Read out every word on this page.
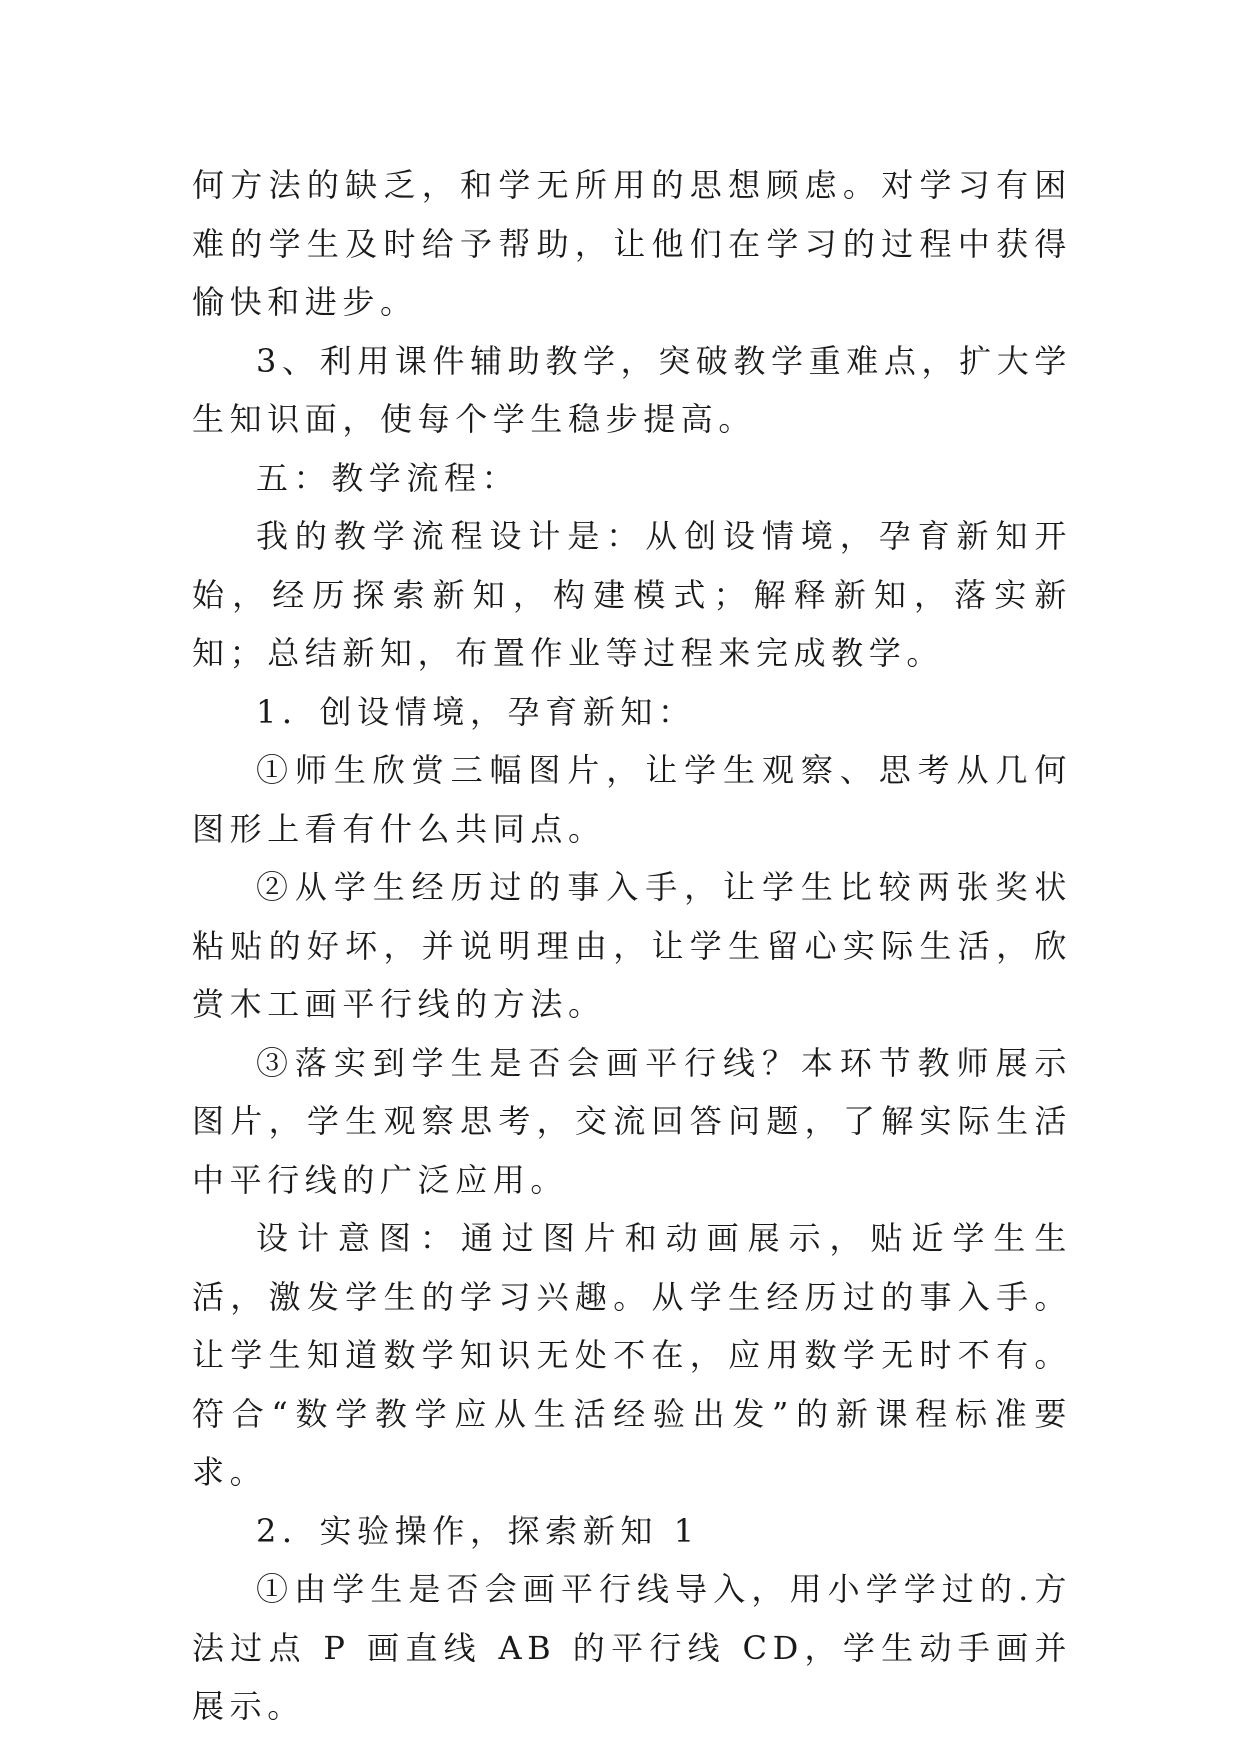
何方法的缺乏，和学无所用的思想顾虑。对学习有困难的学生及时给予帮助，让他们在学习的过程中获得愉快和进步。

3、利用课件辅助教学，突破教学重难点，扩大学生知识面，使每个学生稳步提高。

五：教学流程：

我的教学流程设计是：从创设情境，孕育新知开始，经历探索新知，构建模式；解释新知，落实新知；总结新知，布置作业等过程来完成教学。

1．创设情境，孕育新知：

①师生欣赏三幅图片，让学生观察、思考从几何图形上看有什么共同点。

②从学生经历过的事入手，让学生比较两张奖状粘贴的好坏，并说明理由，让学生留心实际生活，欣赏木工画平行线的方法。

③落实到学生是否会画平行线？本环节教师展示图片，学生观察思考，交流回答问题，了解实际生活中平行线的广泛应用。

设计意图：通过图片和动画展示，贴近学生生活，激发学生的学习兴趣。从学生经历过的事入手。让学生知道数学知识无处不在，应用数学无时不有。符合“数学教学应从生活经验出发”的新课程标准要求。

2．实验操作，探索新知 1

①由学生是否会画平行线导入，用小学学过的.方法过点 P 画直线 AB 的平行线 CD，学生动手画并展示。
